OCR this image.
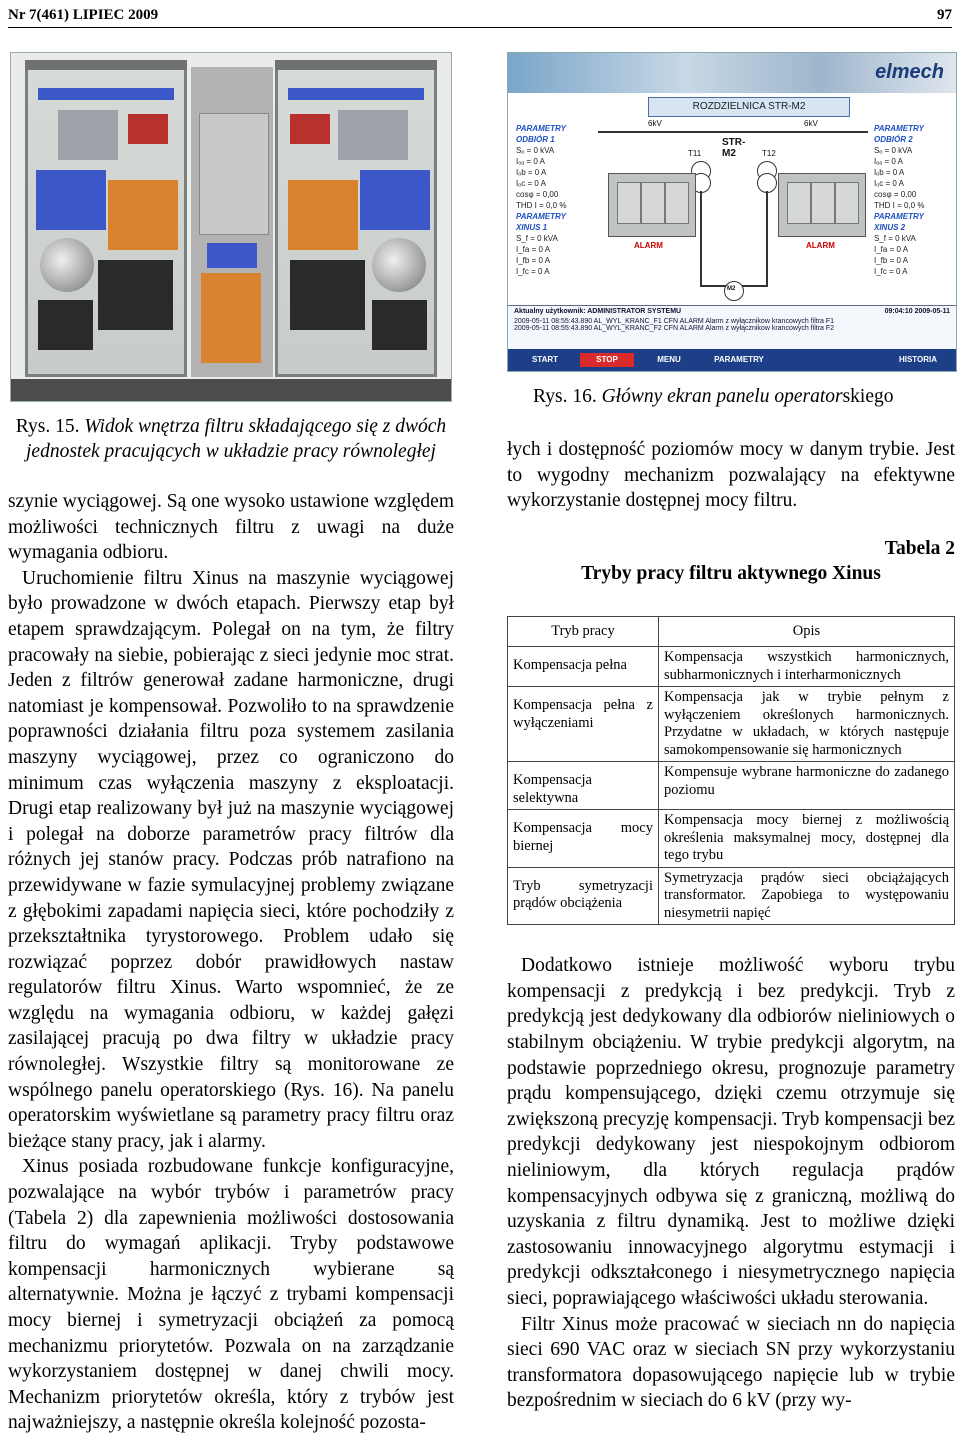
Nr 7(461) LIPIEC 2009	97
Rys. 15. Widok wnętrza filtru składającego się z dwóch jednostek pracujących w układzie pracy równoległej

szynie wyciągowej. Są one wysoko ustawione względem możliwości technicznych filtru z uwagi na duże wymagania odbioru.

Uruchomienie filtru Xinus na maszynie wyciągowej było prowadzone w dwóch etapach. Pierwszy etap był etapem sprawdzającym. Polegał on na tym, że filtry pracowały na siebie, pobierając z sieci jedynie moc strat. Jeden z filtrów generował zadane harmoniczne, drugi natomiast je kompensował. Pozwoliło to na sprawdzenie poprawności działania filtru poza systemem zasilania maszyny wyciągowej, przez co ograniczono do minimum czas wyłączenia maszyny z eksploatacji. Drugi etap realizowany był już na maszynie wyciągowej i polegał na doborze parametrów pracy filtrów dla różnych jej stanów pracy. Podczas prób natrafiono na przewidywane w fazie symulacyjnej problemy związane z głębokimi zapadami napięcia sieci, które pochodziły z przekształtnika tyrystorowego. Problem udało się rozwiązać poprzez dobór prawidłowych nastaw regulatorów filtru Xinus. Warto wspomnieć, że ze względu na wymagania odbioru, w każdej gałęzi zasilającej pracują po dwa filtry w układzie pracy równoległej. Wszystkie filtry są monitorowane ze wspólnego panelu operatorskiego (Rys. 16). Na panelu operatorskim wyświetlane są parametry pracy filtru oraz bieżące stany pracy, jak i alarmy.

Xinus posiada rozbudowane funkcje konfiguracyjne, pozwalające na wybór trybów i parametrów pracy (Tabela 2) dla zapewnienia możliwości dostosowania filtru do wymagań aplikacji. Tryby podstawowe kompensacji harmonicznych wybierane są alternatywnie. Można je łączyć z trybami kompensacji mocy biernej i symetryzacji obciążeń za pomocą mechanizmu priorytetów. Pozwala on na zarządzanie wykorzystaniem dostępnej w danej chwili mocy. Mechanizm priorytetów określa, który z trybów jest najważniejszy, a następnie określa kolejność pozosta-

elmech
ROZDZIELNICA STR-M2
PARAMETRY
ODBIÓR 1
Sₒ = 0 kVA
Iₒₐ = 0 A
Iₒb = 0 A
Iₒc = 0 A
cosφ = 0,00
THD I = 0,0 %
PARAMETRY
XINUS 1
S_f = 0 kVA
I_fa = 0 A
I_fb = 0 A
I_fc = 0 A
PARAMETRY
ODBIÓR 2
Sₒ = 0 kVA
Iₒₐ = 0 A
Iₒb = 0 A
Iₒc = 0 A
cosφ = 0,00
THD I = 0,0 %
PARAMETRY
XINUS 2
S_f = 0 kVA
I_fa = 0 A
I_fb = 0 A
I_fc = 0 A
6kV	6kV
STR-
M2
T11	T12
ALARM	ALARM
M2
Aktualny użytkownik: ADMINISTRATOR SYSTEMU	09:04:10 2009-05-11
2009-05-11 08:55:43.890 AL_WYL_KRANC_F1 CFN ALARM Alarm z wyłącznikow krancowych filtra F1
2009-05-11 08:55:43.890 AL_WYL_KRANC_F2 CFN ALARM Alarm z wyłącznikow krancowych filtra F2
START	STOP	MENU	PARAMETRY	HISTORIA
Rys. 16. Główny ekran panelu operatorskiego

łych i dostępność poziomów mocy w danym trybie. Jest to wygodny mechanizm pozwalający na efektywne wykorzystanie dostępnej mocy filtru.

Tabela 2
Tryby pracy filtru aktywnego Xinus
Tryb pracy	Opis
Kompensacja pełna	Kompensacja wszystkich harmonicznych, subharmonicznych i interharmonicznych
Kompensacja pełna z wyłączeniami	Kompensacja jak w trybie pełnym z wyłączeniem określonych harmonicznych. Przydatne w układach, w których następuje samokompensowanie się harmonicznych
Kompensacja selektywna	Kompensuje wybrane harmoniczne do zadanego poziomu
Kompensacja mocy biernej	Kompensacja mocy biernej z możliwością określenia maksymalnej mocy, dostępnej dla tego trybu
Tryb symetryzacji prądów obciążenia	Symetryzacja prądów sieci obciążających transformator. Zapobiega to występowaniu niesymetrii napięć

Dodatkowo istnieje możliwość wyboru trybu kompensacji z predykcją i bez predykcji. Tryb z predykcją jest dedykowany dla odbiorów nieliniowych o stabilnym obciążeniu. W trybie predykcji algorytm, na podstawie poprzedniego okresu, prognozuje parametry prądu kompensującego, dzięki czemu otrzymuje się zwiększoną precyzję kompensacji. Tryb kompensacji bez predykcji dedykowany jest niespokojnym odbiorom nieliniowym, dla których regulacja prądów kompensacyjnych odbywa się z graniczną, możliwą do uzyskania z filtru dynamiką. Jest to możliwe dzięki zastosowaniu innowacyjnego algorytmu estymacji i predykcji odkształconego i niesymetrycznego napięcia sieci, poprawiającego właściwości układu sterowania.

Filtr Xinus może pracować w sieciach nn do napięcia sieci 690 VAC oraz w sieciach SN przy wykorzystaniu transformatora dopasowującego napięcie lub w trybie bezpośrednim w sieciach do 6 kV (przy wy-
